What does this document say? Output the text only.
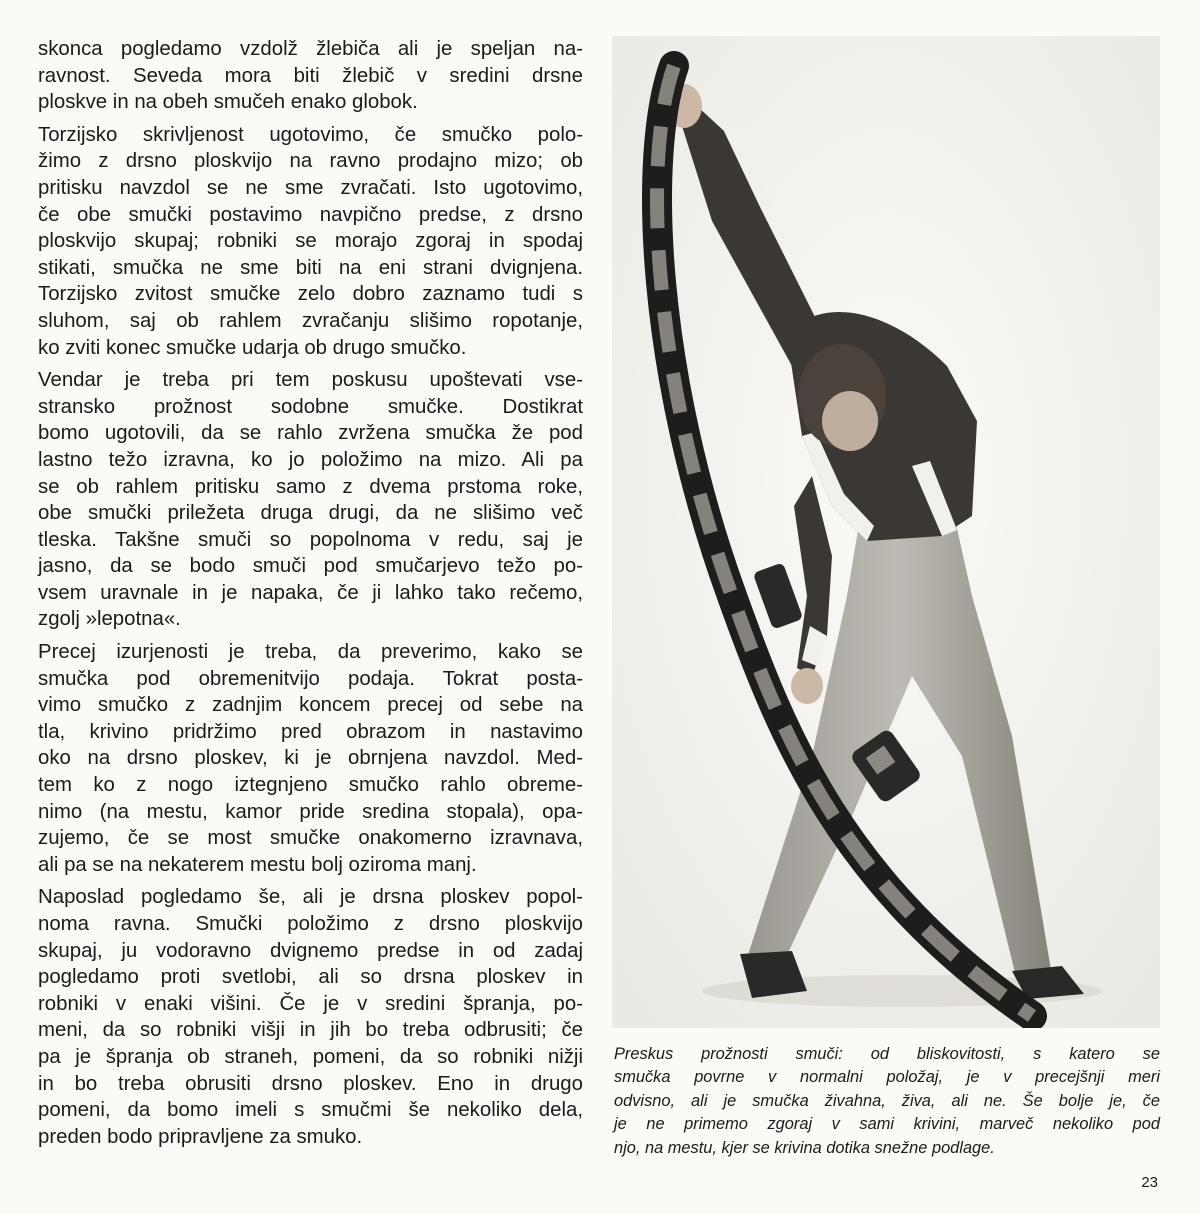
skonca pogledamo vzdolž žlebiča ali je speljan na-
ravnost. Seveda mora biti žlebič v sredini drsne
ploskve in na obeh smučeh enako globok.

Torzijsko skrivljenost ugotovimo, če smučko polo-
žimo z drsno ploskvijo na ravno prodajno mizo; ob
pritisku navzdol se ne sme zvračati. Isto ugotovimo,
če obe smučki postavimo navpično predse, z drsno
ploskvijo skupaj; robniki se morajo zgoraj in spodaj
stikati, smučka ne sme biti na eni strani dvignjena.
Torzijsko zvitost smučke zelo dobro zaznamo tudi s
sluhom, saj ob rahlem zvračanju slišimo ropotanje,
ko zviti konec smučke udarja ob drugo smučko.

Vendar je treba pri tem poskusu upoštevati vse-
stransko prožnost sodobne smučke. Dostikrat
bomo ugotovili, da se rahlo zvržena smučka že pod
lastno težo izravna, ko jo položimo na mizo. Ali pa
se ob rahlem pritisku samo z dvema prstoma roke,
obe smučki priležeta druga drugi, da ne slišimo več
tleska. Takšne smuči so popolnoma v redu, saj je
jasno, da se bodo smuči pod smučarjevo težo po-
vsem uravnale in je napaka, če ji lahko tako rečemo,
zgolj »lepotna«.

Precej izurjenosti je treba, da preverimo, kako se
smučka pod obremenitvijo podaja. Tokrat posta-
vimo smučko z zadnjim koncem precej od sebe na
tla, krivino pridržimo pred obrazom in nastavimo
oko na drsno ploskev, ki je obrnjena navzdol. Med-
tem ko z nogo iztegnjeno smučko rahlo obreme-
nimo (na mestu, kamor pride sredina stopala), opa-
zujemo, če se most smučke onakomerno izravnava,
ali pa se na nekaterem mestu bolj oziroma manj.

Naposlad pogledamo še, ali je drsna ploskev popol-
noma ravna. Smučki položimo z drsno ploskvijo
skupaj, ju vodoravno dvignemo predse in od zadaj
pogledamo proti svetlobi, ali so drsna ploskev in
robniki v enaki višini. Če je v sredini špranja, po-
meni, da so robniki višji in jih bo treba odbrusiti; če
pa je špranja ob straneh, pomeni, da so robniki nižji
in bo treba obrusiti drsno ploskev. Eno in drugo
pomeni, da bomo imeli s smučmi še nekoliko dela,
preden bodo pripravljene za smuko.

Preskus prožnosti smuči: od bliskovitosti, s katero se
smučka povrne v normalni položaj, je v precejšnji meri
odvisno, ali je smučka živahna, živa, ali ne. Še bolje je, če
je ne primemo zgoraj v sami krivini, marveč nekoliko pod
njo, na mestu, kjer se krivina dotika snežne podlage.
23
